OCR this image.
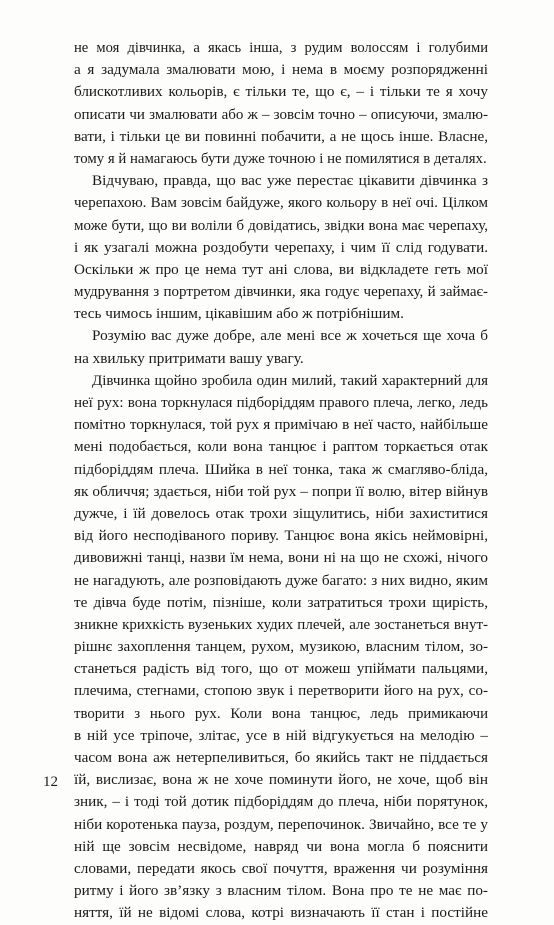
не моя дівчинка, а якась інша, з рудим волоссям і голубими
а я задумала змалювати мою, і нема в моєму розпорядженні
блискотливих кольорів, є тільки те, що є, – і тільки те я хочу
описати чи змалювати або ж – зовсім точно – описуючи, змалю-
вати, і тільки це ви повинні побачити, а не щось інше. Власне,
тому я й намагаюсь бути дуже точною і не помилятися в деталях.
Відчуваю, правда, що вас уже перестає цікавити дівчинка з
черепахою. Вам зовсім байдуже, якого кольору в неї очі. Цілком
може бути, що ви воліли б довідатись, звідки вона має черепаху,
і як узагалі можна роздобути черепаху, і чим її слід годувати.
Оскільки ж про це нема тут ані слова, ви відкладете геть мої
мудрування з портретом дівчинки, яка годує черепаху, й займає-
тесь чимось іншим, цікавішим або ж потрібнішим.
Розумію вас дуже добре, але мені все ж хочеться ще хоча б
на хвильку притримати вашу увагу.
Дівчинка щойно зробила один милий, такий характерний для
неї рух: вона торкнулася підборіддям правого плеча, легко, ледь
помітно торкнулася, той рух я примічаю в неї часто, найбільше
мені подобається, коли вона танцює і раптом торкається отак
підборіддям плеча. Шийка в неї тонка, така ж смагляво-бліда,
як обличчя; здається, ніби той рух – попри її волю, вітер війнув
дужче, і їй довелось отак трохи зіщулитись, ніби захиститися
від його несподіваного пориву. Танцює вона якісь неймовірні,
дивовижні танці, назви їм нема, вони ні на що не схожі, нічого
не нагадують, але розповідають дуже багато: з них видно, яким
те дівча буде потім, пізніше, коли затратиться трохи щирість,
зникне крихкість вузеньких худих плечей, але зостанеться внут-
рішнє захоплення танцем, рухом, музикою, власним тілом, зо-
станеться радість від того, що от можеш упіймати пальцями,
плечима, стегнами, стопою звук і перетворити його на рух, со-
творити з нього рух. Коли вона танцює, ледь примикаючи
в ній усе тріпоче, злітає, усе в ній відгукується на мелодію –
часом вона аж нетерпеливиться, бо якийсь такт не піддається
їй, вислизає, вона ж не хоче поминути його, не хоче, щоб він
зник, – і тоді той дотик підборіддям до плеча, ніби порятунок,
ніби коротенька пауза, роздум, перепочинок. Звичайно, все те у
ній ще зовсім несвідоме, навряд чи вона могла б пояснити
словами, передати якось свої почуття, враження чи розуміння
ритму і його зв’язку з власним тілом. Вона про те не має по-
няття, їй не відомі слова, котрі визначають її стан і постійне
12
